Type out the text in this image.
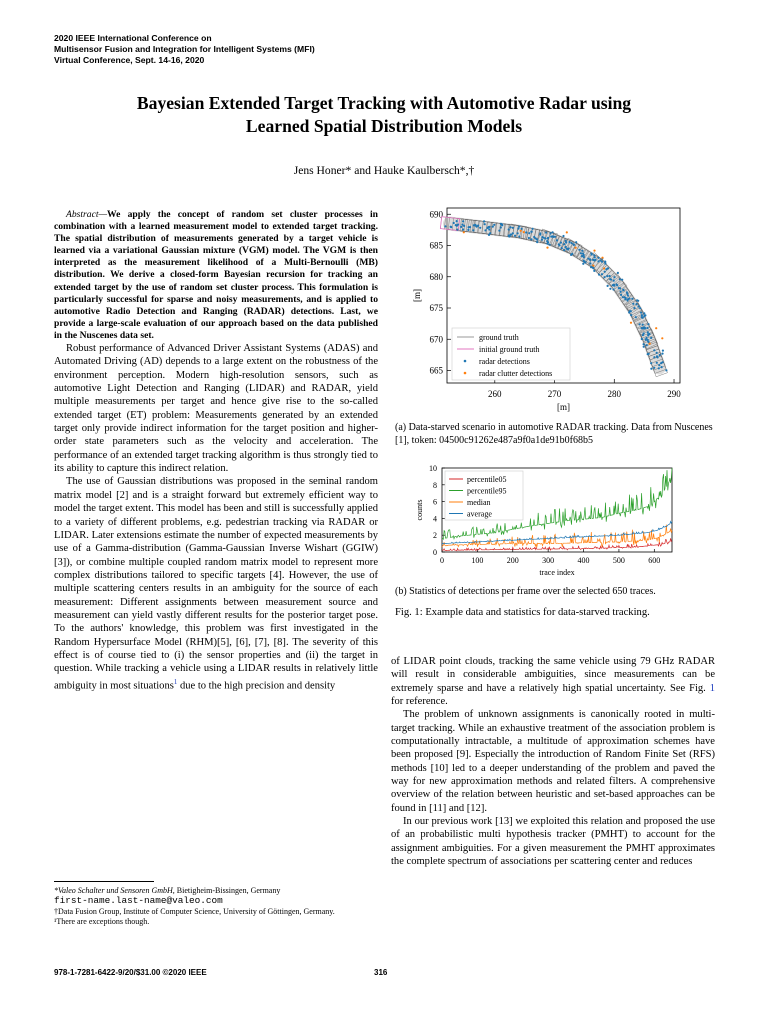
2020 IEEE International Conference on
Multisensor Fusion and Integration for Intelligent Systems (MFI)
Virtual Conference, Sept. 14-16, 2020
Bayesian Extended Target Tracking with Automotive Radar using
Learned Spatial Distribution Models
Jens Honer* and Hauke Kaulbersch*,†

Abstract—We apply the concept of random set cluster processes in combination with a learned measurement model to extended target tracking. The spatial distribution of measurements generated by a target vehicle is learned via a variational Gaussian mixture (VGM) model. The VGM is then interpreted as the measurement likelihood of a Multi-Bernoulli (MB) distribution. We derive a closed-form Bayesian recursion for tracking an extended target by the use of random set cluster process. This formulation is particularly successful for sparse and noisy measurements, and is applied to automotive Radio Detection and Ranging (RADAR) detections. Last, we provide a large-scale evaluation of our approach based on the data published in the Nuscenes data set.

Robust performance of Advanced Driver Assistant Systems (ADAS) and Automated Driving (AD) depends to a large extent on the robustness of the environment perception. Modern high-resolution sensors, such as automotive Light Detection and Ranging (LIDAR) and RADAR, yield multiple measurements per target and hence give rise to the so-called extended target (ET) problem: Measurements generated by an extended target only provide indirect information for the target position and higher-order state parameters such as the velocity and acceleration. The performance of an extended target tracking algorithm is thus strongly tied to its ability to capture this indirect relation.

The use of Gaussian distributions was proposed in the seminal random matrix model [2] and is a straight forward but extremely efficient way to model the target extent. This model has been and still is successfully applied to a variety of different problems, e.g. pedestrian tracking via RADAR or LIDAR. Later extensions estimate the number of expected measurements by use of a Gamma-distribution (Gamma-Gaussian Inverse Wishart (GGIW) [3]), or combine multiple coupled random matrix model to represent more complex distributions tailored to specific targets [4]. However, the use of multiple scattering centers results in an ambiguity for the source of each measurement: Different assignments between measurement source and measurement can yield vastly different results for the posterior target pose. To the authors' knowledge, this problem was first investigated in the Random Hypersurface Model (RHM)[5], [6], [7], [8]. The severity of this effect is of course tied to (i) the sensor properties and (ii) the target in question. While tracking a vehicle using a LIDAR results in relatively little ambiguity in most situations$^1$ due to the high precision and density

*Valeo Schalter und Sensoren GmbH, Bietigheim-Bissingen, Germany
first-name.last-name@valeo.com
†Data Fusion Group, Institute of Computer Science, University of Göttingen, Germany.
¹There are exceptions though.
978-1-7281-6422-9/20/$31.00 ©2020 IEEE	316
260	270	280	290
665
670
675
680
685
690
[m]
[m]
ground truth
initial ground truth
radar detections
radar clutter detections
(a) Data-starved scenario in automotive RADAR tracking. Data from Nuscenes [1], token: 04500c91262e487a9f0a1de91b0f68b5
0	100	200	300	400	500	600
0
2
4
6
8
10
trace index
counts
percentile05
percentile95
median
average
(b) Statistics of detections per frame over the selected 650 traces.
Fig. 1: Example data and statistics for data-starved tracking.

of LIDAR point clouds, tracking the same vehicle using 79 GHz RADAR will result in considerable ambiguities, since measurements can be extremely sparse and have a relatively high spatial uncertainty. See Fig. 1 for reference.

The problem of unknown assignments is canonically rooted in multi-target tracking. While an exhaustive treatment of the association problem is computationally intractable, a multitude of approximation schemes have been proposed [9]. Especially the introduction of Random Finite Set (RFS) methods [10] led to a deeper understanding of the problem and paved the way for new approximation methods and related filters. A comprehensive overview of the relation between heuristic and set-based approaches can be found in [11] and [12].

In our previous work [13] we exploited this relation and proposed the use of an probabilistic multi hypothesis tracker (PMHT) to account for the assignment ambiguities. For a given measurement the PMHT approximates the complete spectrum of associations per scattering center and reduces
